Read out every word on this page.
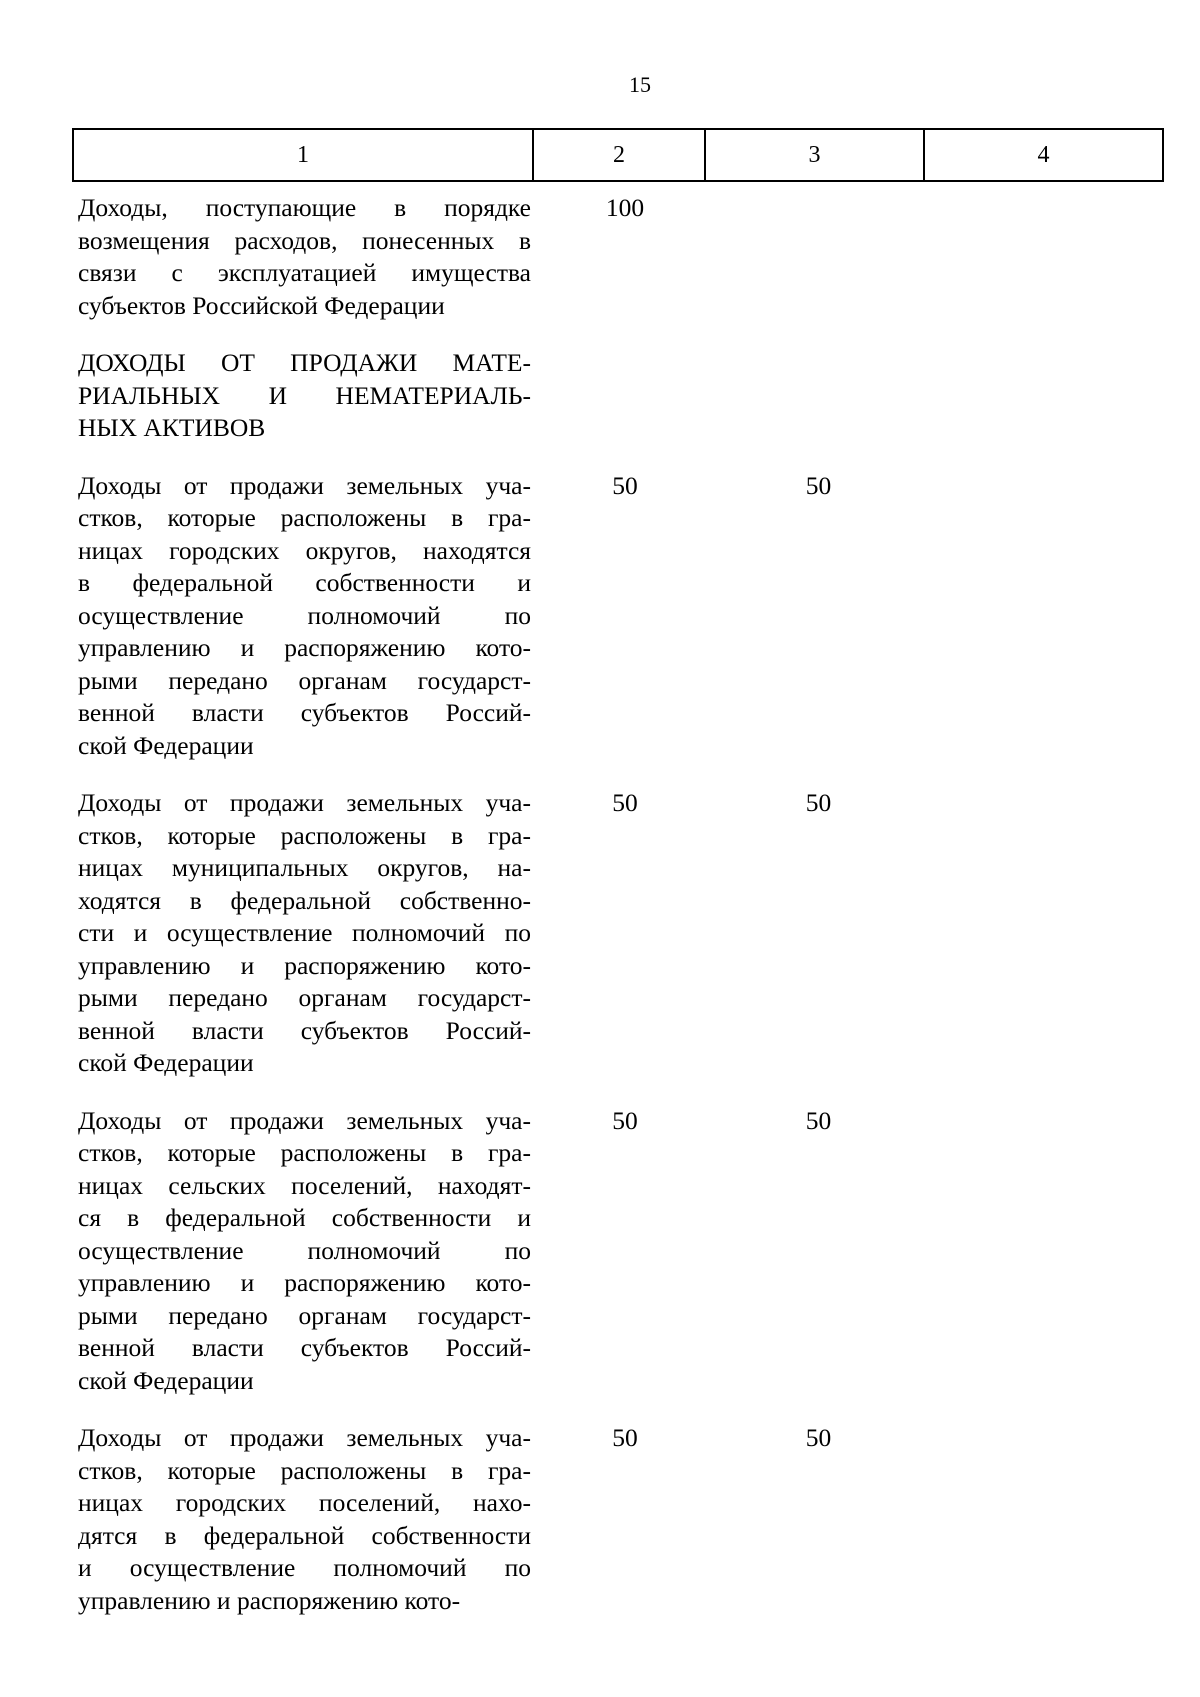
15
1	2	3	4
Доходы, поступающие в порядке
возмещения расходов, понесенных в
связи с эксплуатацией имущества
субъектов Российской Федерации
100
ДОХОДЫ ОТ ПРОДАЖИ МАТЕ-
РИАЛЬНЫХ И НЕМАТЕРИАЛЬ-
НЫХ АКТИВОВ
Доходы от продажи земельных уча-
стков, которые расположены в гра-
ницах городских округов, находятся
в федеральной собственности и
осуществление полномочий по
управлению и распоряжению кото-
рыми передано органам государст-
венной власти субъектов Россий-
ской Федерации
50	50
Доходы от продажи земельных уча-
стков, которые расположены в гра-
ницах муниципальных округов, на-
ходятся в федеральной собственно-
сти и осуществление полномочий по
управлению и распоряжению кото-
рыми передано органам государст-
венной власти субъектов Россий-
ской Федерации
50	50
Доходы от продажи земельных уча-
стков, которые расположены в гра-
ницах сельских поселений, находят-
ся в федеральной собственности и
осуществление полномочий по
управлению и распоряжению кото-
рыми передано органам государст-
венной власти субъектов Россий-
ской Федерации
50	50
Доходы от продажи земельных уча-
стков, которые расположены в гра-
ницах городских поселений, нахо-
дятся в федеральной собственности
и осуществление полномочий по
управлению и распоряжению кото-
50	50
